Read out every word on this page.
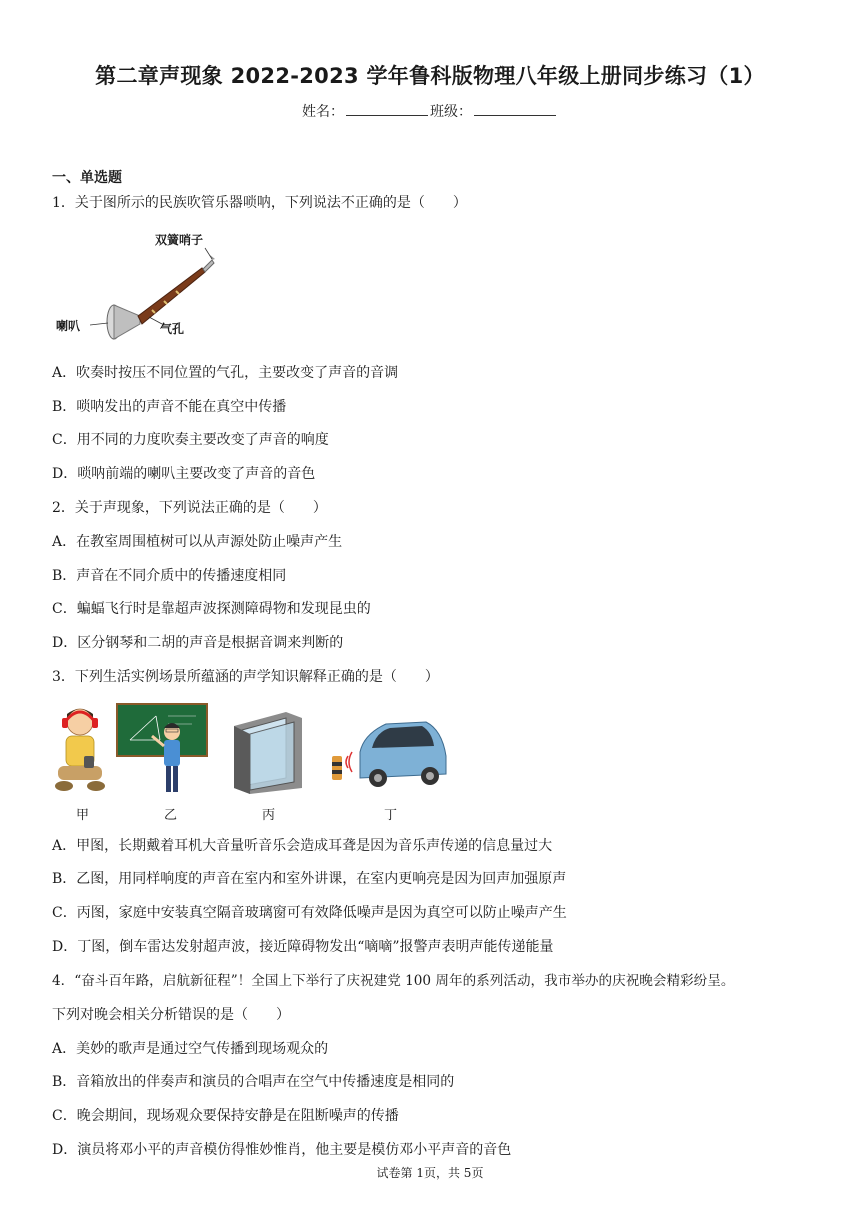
第二章声现象 2022-2023 学年鲁科版物理八年级上册同步练习（1）
姓名：	班级：
一、单选题
1．关于图所示的民族吹管乐器唢呐，下列说法不正确的是（　　）
双簧哨子
喇叭	气孔
A．吹奏时按压不同位置的气孔，主要改变了声音的音调
B．唢呐发出的声音不能在真空中传播
C．用不同的力度吹奏主要改变了声音的响度
D．唢呐前端的喇叭主要改变了声音的音色
2．关于声现象，下列说法正确的是（　　）
A．在教室周围植树可以从声源处防止噪声产生
B．声音在不同介质中的传播速度相同
C．蝙蝠飞行时是靠超声波探测障碍物和发现昆虫的
D．区分钢琴和二胡的声音是根据音调来判断的
3．下列生活实例场景所蕴涵的声学知识解释正确的是（　　）
甲	乙	丙	丁
A．甲图，长期戴着耳机大音量听音乐会造成耳聋是因为音乐声传递的信息量过大
B．乙图，用同样响度的声音在室内和室外讲课，在室内更响亮是因为回声加强原声
C．丙图，家庭中安装真空隔音玻璃窗可有效降低噪声是因为真空可以防止噪声产生
D．丁图，倒车雷达发射超声波，接近障碍物发出“嘀嘀”报警声表明声能传递能量
4．“奋斗百年路，启航新征程”！全国上下举行了庆祝建党 100 周年的系列活动，我市举办的庆祝晚会精彩纷呈。
下列对晚会相关分析错误的是（　　）
A．美妙的歌声是通过空气传播到现场观众的
B．音箱放出的伴奏声和演员的合唱声在空气中传播速度是相同的
C．晚会期间，现场观众要保持安静是在阻断噪声的传播
D．演员将邓小平的声音模仿得惟妙惟肖，他主要是模仿邓小平声音的音色
试卷第 1页，共 5页
